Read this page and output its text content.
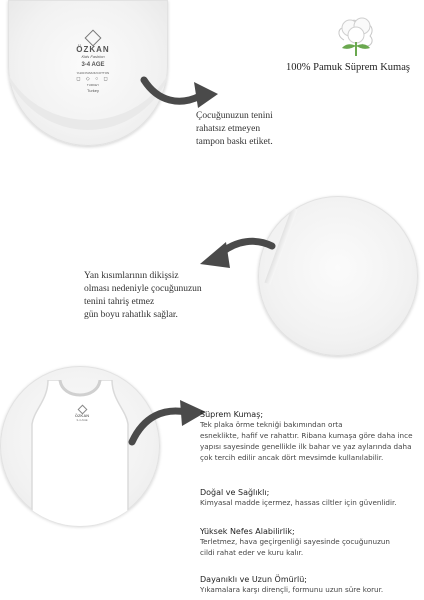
100% Pamuk Süprem Kumaş
ÖZKAN
Kids Fashion
3-4 AGE
%100 PAMUK/COTTON
◻ ◇ ○ ◻
TURKEY
Turkey
Çocuğunuzun tenini
rahatsız etmeyen
tampon baskı etiket.
Yan kısımlarının dikişsiz
olması nedeniyle çocuğunuzun
tenini tahriş etmez
gün boyu rahatlık sağlar.
ÖZKAN
3-4 AGE
Süprem Kumaş;
Tek plaka örme tekniği bakımından orta
esneklikte, hafif ve rahattır. Ribana kumaşa göre daha ince
yapısı sayesinde genellikle ilk bahar ve yaz aylarında daha
çok tercih edilir ancak dört mevsimde kullanılabilir.
Doğal ve Sağlıklı;
Kimyasal madde içermez, hassas ciltler için güvenlidir.
Yüksek Nefes Alabilirlik;
Terletmez, hava geçirgenliği sayesinde çocuğunuzun
cildi rahat eder ve kuru kalır.
Dayanıklı ve Uzun Ömürlü;
Yıkamalara karşı dirençli, formunu uzun süre korur.
